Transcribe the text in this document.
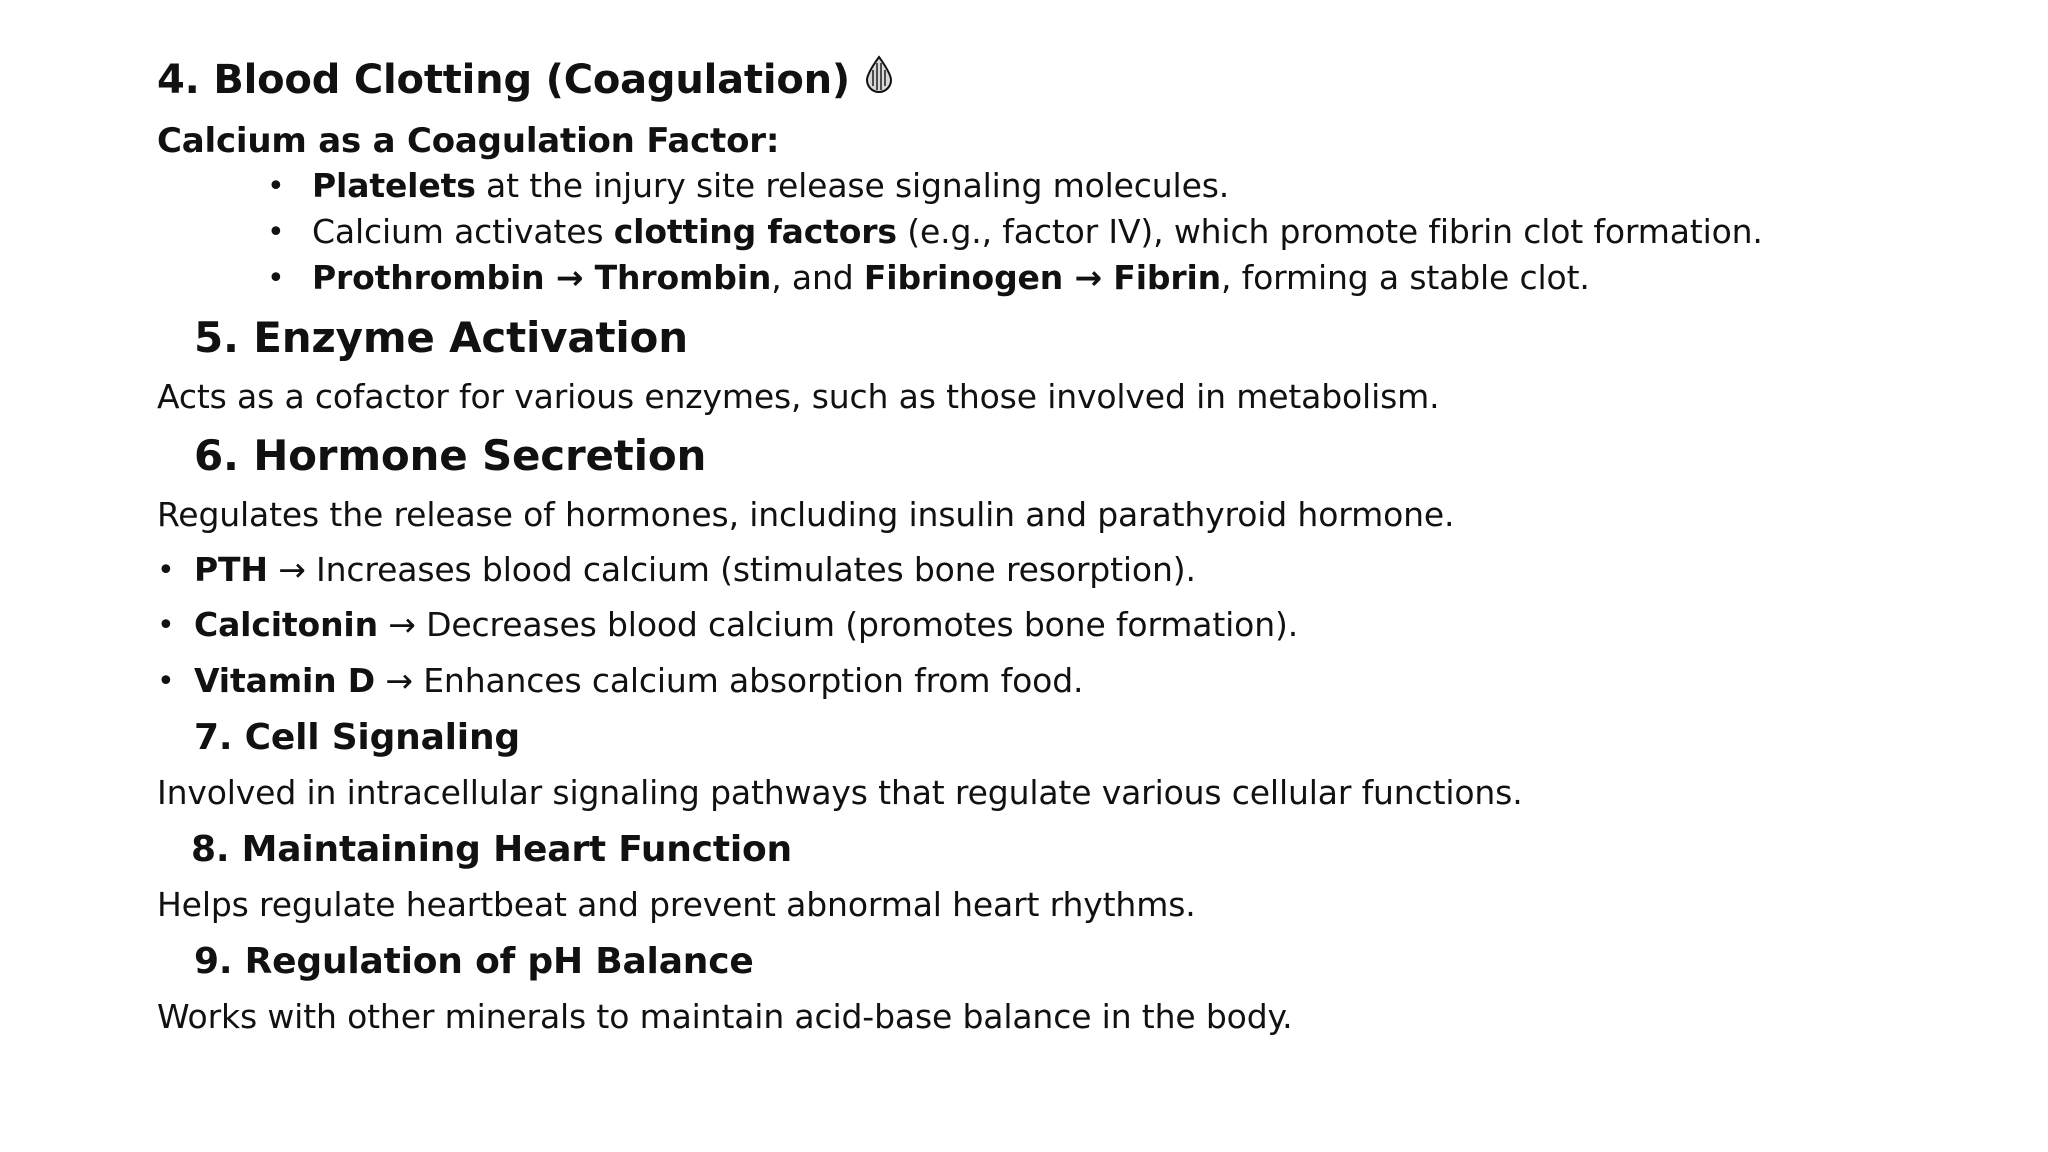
4. Blood Clotting (Coagulation)
Calcium as a Coagulation Factor:
• Platelets at the injury site release signaling molecules.
• Calcium activates clotting factors (e.g., factor IV), which promote fibrin clot formation.
• Prothrombin → Thrombin, and Fibrinogen → Fibrin, forming a stable clot.
5. Enzyme Activation
Acts as a cofactor for various enzymes, such as those involved in metabolism.
6. Hormone Secretion
Regulates the release of hormones, including insulin and parathyroid hormone.
• PTH → Increases blood calcium (stimulates bone resorption).
• Calcitonin → Decreases blood calcium (promotes bone formation).
• Vitamin D → Enhances calcium absorption from food.
7. Cell Signaling
Involved in intracellular signaling pathways that regulate various cellular functions.
8. Maintaining Heart Function
Helps regulate heartbeat and prevent abnormal heart rhythms.
9. Regulation of pH Balance
Works with other minerals to maintain acid-base balance in the body.
